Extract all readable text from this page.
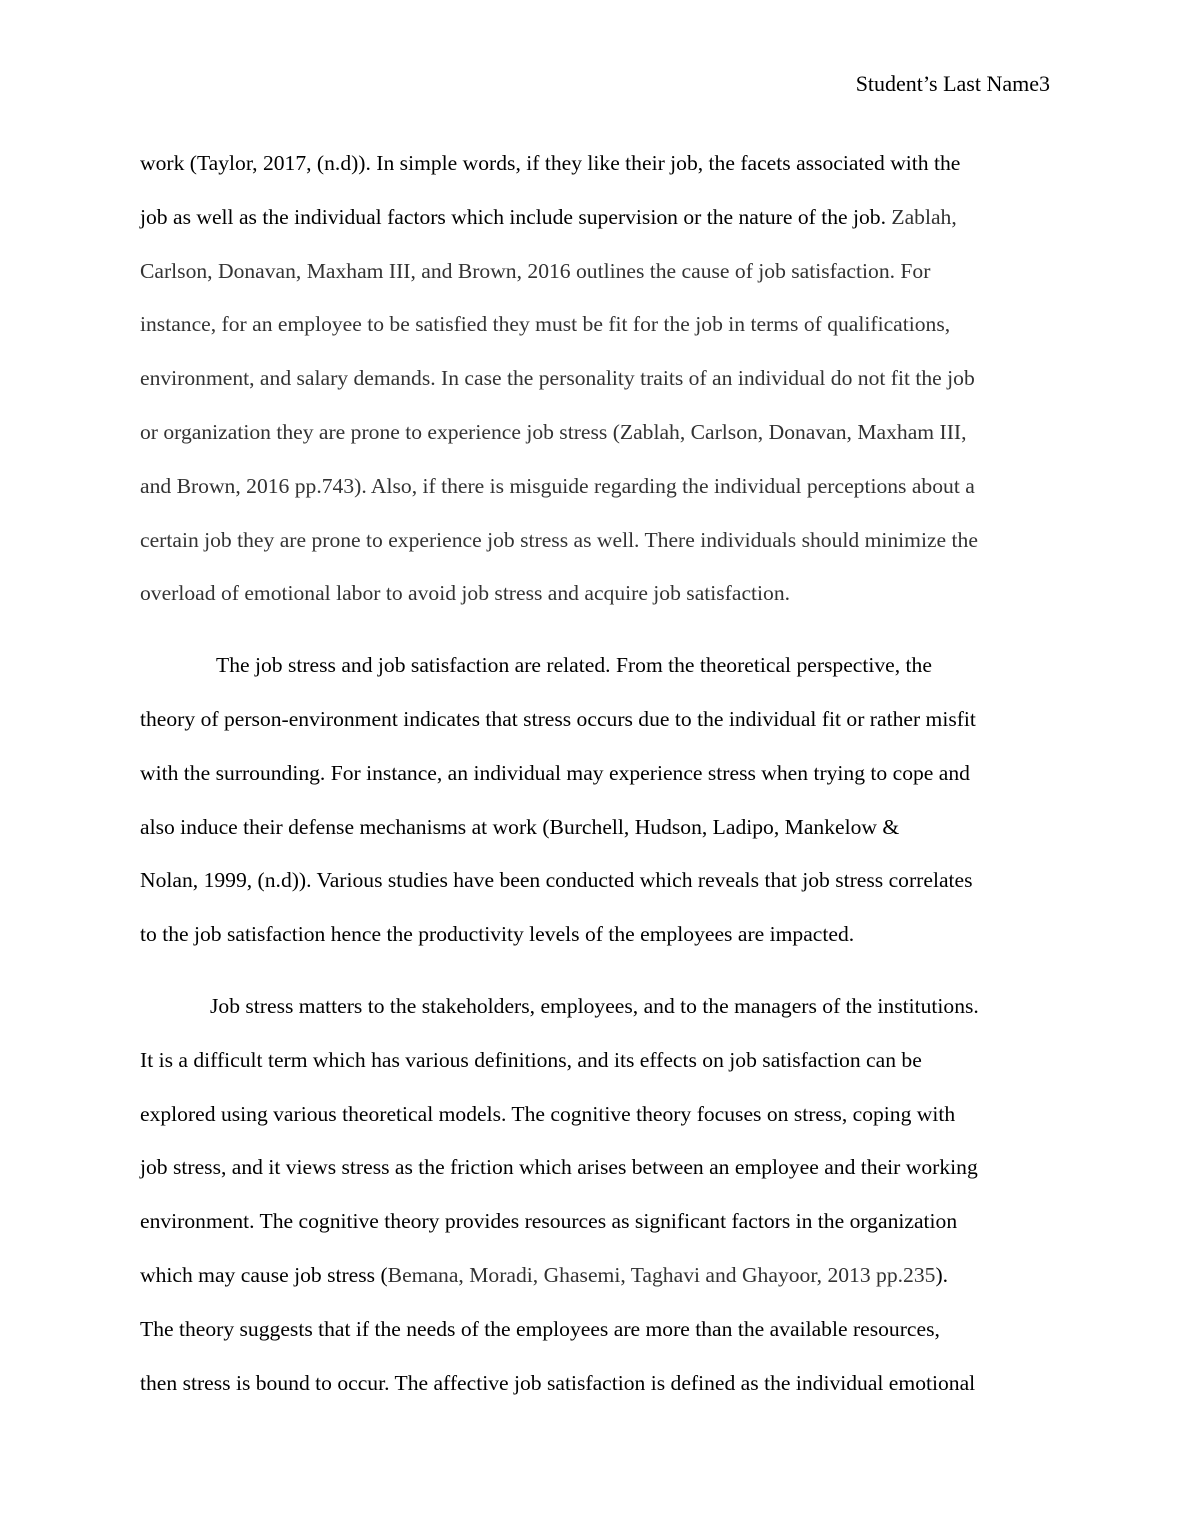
Student’s Last Name3
work (Taylor, 2017, (n.d)). In simple words, if they like their job, the facets associated with the
job as well as the individual factors which include supervision or the nature of the job. Zablah,
Carlson, Donavan, Maxham III, and Brown, 2016 outlines the cause of job satisfaction. For
instance, for an employee to be satisfied they must be fit for the job in terms of qualifications,
environment, and salary demands. In case the personality traits of an individual do not fit the job
or organization they are prone to experience job stress (Zablah, Carlson, Donavan, Maxham III,
and Brown, 2016 pp.743). Also, if there is misguide regarding the individual perceptions about a
certain job they are prone to experience job stress as well. There individuals should minimize the
overload of emotional labor to avoid job stress and acquire job satisfaction.
The job stress and job satisfaction are related. From the theoretical perspective, the
theory of person-environment indicates that stress occurs due to the individual fit or rather misfit
with the surrounding. For instance, an individual may experience stress when trying to cope and
also induce their defense mechanisms at work (Burchell, Hudson, Ladipo, Mankelow &
Nolan, 1999, (n.d)). Various studies have been conducted which reveals that job stress correlates
to the job satisfaction hence the productivity levels of the employees are impacted.
Job stress matters to the stakeholders, employees, and to the managers of the institutions.
It is a difficult term which has various definitions, and its effects on job satisfaction can be
explored using various theoretical models. The cognitive theory focuses on stress, coping with
job stress, and it views stress as the friction which arises between an employee and their working
environment. The cognitive theory provides resources as significant factors in the organization
which may cause job stress (Bemana, Moradi, Ghasemi, Taghavi and Ghayoor, 2013 pp.235).
The theory suggests that if the needs of the employees are more than the available resources,
then stress is bound to occur. The affective job satisfaction is defined as the individual emotional
